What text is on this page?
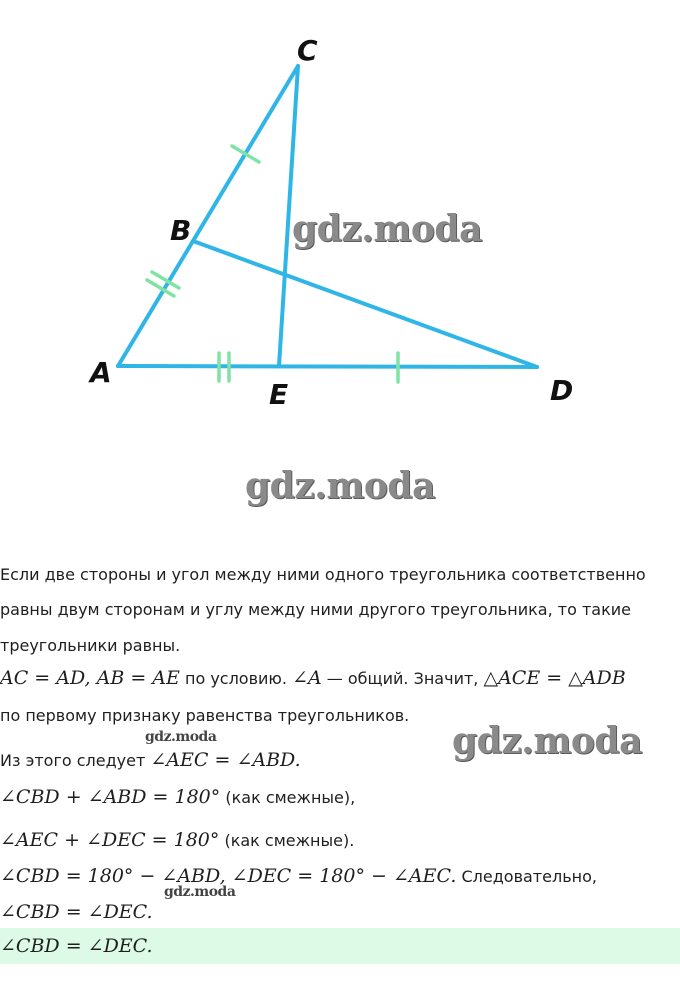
C
B
A
E	D
gdz.moda
gdz.moda
gdz.moda
gdz.moda
gdz.moda
Если две стороны и угол между ними одного треугольника соответственно
равны двум сторонам и углу между ними другого треугольника, то такие
треугольники равны.
AC = AD, AB = AE по условию. ∠A — общий. Значит, △ACE = △ADB
по первому признаку равенства треугольников.
Из этого следует ∠AEC = ∠ABD.
∠CBD + ∠ABD = 180° (как смежные),
∠AEC + ∠DEC = 180° (как смежные).
∠CBD = 180° − ∠ABD, ∠DEC = 180° − ∠AEC. Следовательно,
∠CBD = ∠DEC.
∠CBD = ∠DEC.
